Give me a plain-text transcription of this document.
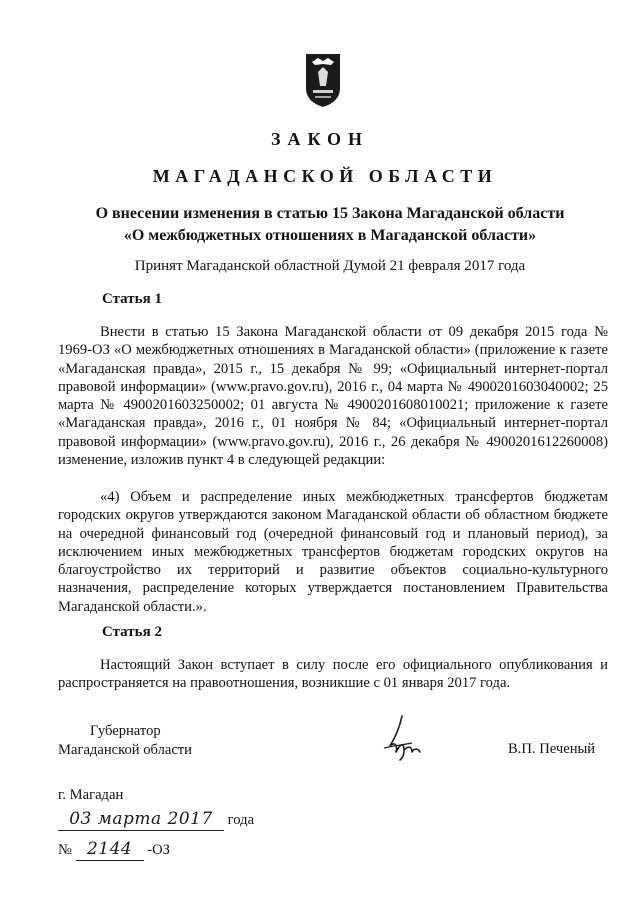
ЗАКОН
МАГАДАНСКОЙ ОБЛАСТИ
О внесении изменения в статью 15 Закона Магаданской области
«О межбюджетных отношениях в Магаданской области»
Принят Магаданской областной Думой 21 февраля 2017 года
Статья 1

Внести в статью 15 Закона Магаданской области от 09 декабря 2015 года № 1969-ОЗ «О межбюджетных отношениях в Магаданской области» (приложение к газете «Магаданская правда», 2015 г., 15 декабря № 99; «Официальный интернет-портал правовой информации» (www.pravo.gov.ru), 2016 г., 04 марта № 4900201603040002; 25 марта № 4900201603250002; 01 августа № 4900201608010021; приложение к газете «Магаданская правда», 2016 г., 01 ноября № 84; «Официальный интернет-портал правовой информации» (www.pravo.gov.ru), 2016 г., 26 декабря № 4900201612260008) изменение, изложив пункт 4 в следующей редакции:

«4) Объем и распределение иных межбюджетных трансфертов бюджетам городских округов утверждаются законом Магаданской области об областном бюджете на очередной финансовый год (очередной финансовый год и плановый период), за исключением иных межбюджетных трансфертов бюджетам городских округов на благоустройство их территорий и развитие объектов социально-культурного назначения, распределение которых утверждается постановлением Правительства Магаданской области.».

Статья 2

Настоящий Закон вступает в силу после его официального опубликования и распространяется на правоотношения, возникшие с 01 января 2017 года.

Губернатор
Магаданской области	В.П. Печеный
г. Магадан
03 марта 2017 года
№ 2144 -ОЗ
